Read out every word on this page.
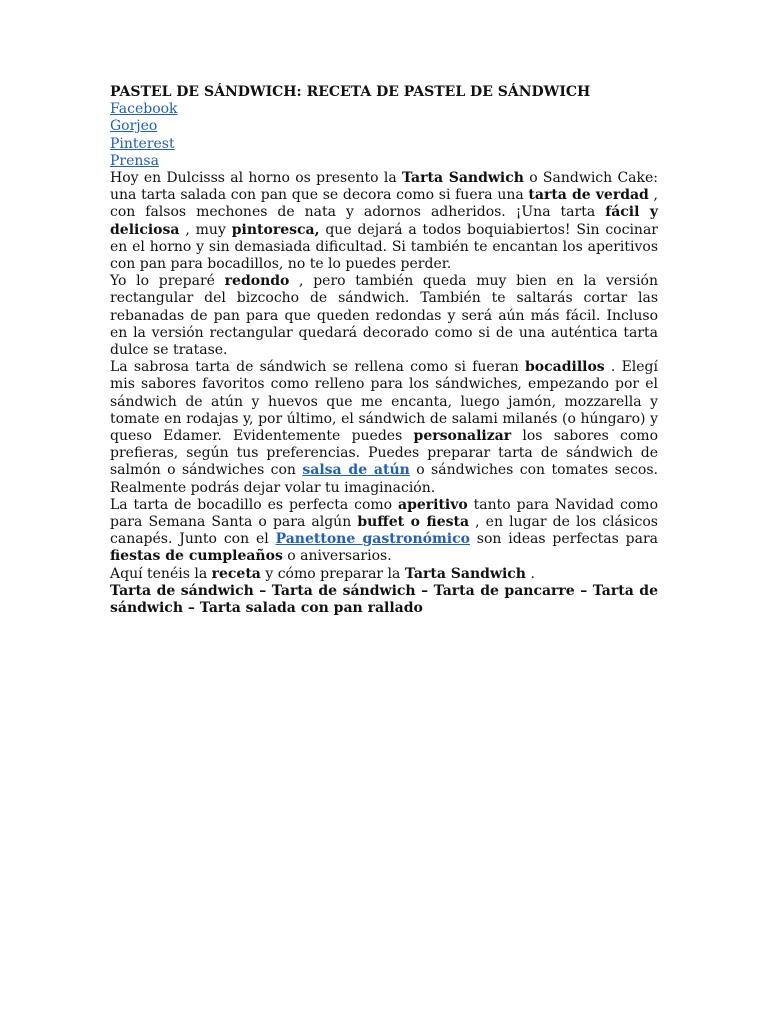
PASTEL DE SÁNDWICH: RECETA DE PASTEL DE SÁNDWICH
Facebook
Gorjeo
Pinterest
Prensa

Hoy en Dulcisss al horno os presento la Tarta Sandwich o Sandwich Cake: una tarta salada con pan que se decora como si fuera una tarta de verdad , con falsos mechones de nata y adornos adheridos. ¡Una tarta fácil y deliciosa , muy pintoresca, que dejará a todos boquiabiertos! Sin cocinar en el horno y sin demasiada dificultad. Si también te encantan los aperitivos con pan para bocadillos, no te lo puedes perder.

Yo lo preparé redondo , pero también queda muy bien en la versión rectangular del bizcocho de sándwich. También te saltarás cortar las rebanadas de pan para que queden redondas y será aún más fácil. Incluso en la versión rectangular quedará decorado como si de una auténtica tarta dulce se tratase.

La sabrosa tarta de sándwich se rellena como si fueran bocadillos . Elegí mis sabores favoritos como relleno para los sándwiches, empezando por el sándwich de atún y huevos que me encanta, luego jamón, mozzarella y tomate en rodajas y, por último, el sándwich de salami milanés (o húngaro) y queso Edamer. Evidentemente puedes personalizar los sabores como prefieras, según tus preferencias. Puedes preparar tarta de sándwich de salmón o sándwiches con salsa de atún o sándwiches con tomates secos. Realmente podrás dejar volar tu imaginación.

La tarta de bocadillo es perfecta como aperitivo tanto para Navidad como para Semana Santa o para algún buffet o fiesta , en lugar de los clásicos canapés. Junto con el Panettone gastronómico son ideas perfectas para fiestas de cumpleaños o aniversarios.

Aquí tenéis la receta y cómo preparar la Tarta Sandwich .

Tarta de sándwich – Tarta de sándwich – Tarta de pancarre – Tarta de sándwich – Tarta salada con pan rallado
